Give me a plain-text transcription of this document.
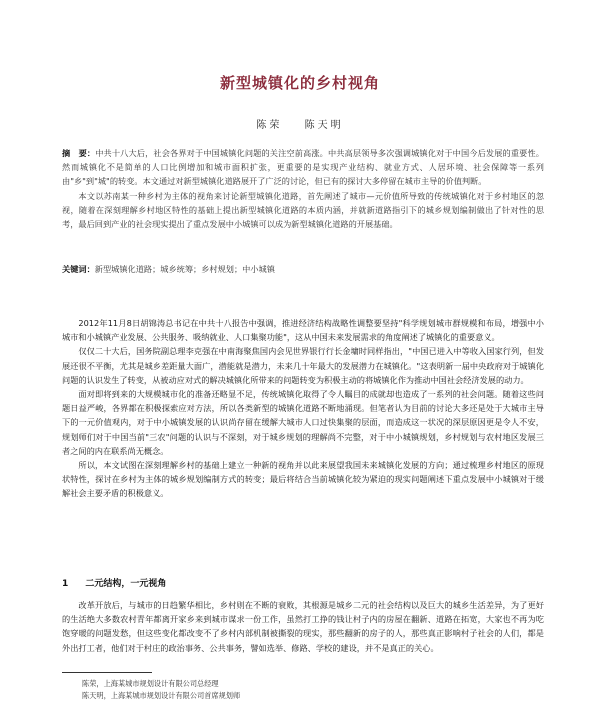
新型城镇化的乡村视角
陈荣 陈天明

摘　要：中共十八大后，社会各界对于中国城镇化问题的关注空前高涨。中共高层领导多次强调城镇化对于中国今后发展的重要性。然而城镇化不是简单的人口比例增加和城市面积扩张，更重要的是实现产业结构、就业方式、人居环境、社会保障等一系列由"乡"到"城"的转变。本文通过对新型城镇化道路展开了广泛的讨论，但已有的探讨大多停留在城市主导的价值判断。

本文以苏南某一种乡村为主体的视角来讨论新型城镇化道路，首先阐述了城市—元价值所导致的传统城镇化对于乡村地区的忽视，随着在深刻理解乡村地区特性的基础上提出新型城镇化道路的本质内涵，并就新道路指引下的城乡规划编制做出了针对性的思考，最后回到产业的社会现实提出了重点发展中小城镇可以成为新型城镇化道路的开展基础。

关键词：新型城镇化道路；城乡统筹；乡村规划；中小城镇

2012年11月8日胡锦涛总书记在中共十八报告中强调，推进经济结构战略性调整要坚持"科学规划城市群规模和布局，增强中小城市和小城镇产业发展、公共服务、吸纳就业、人口集聚功能"，这从中国未来发展需求的角度阐述了城镇化的重要意义。

仅仅二十大后，国务院副总理李克强在中南海聚焦国内会见世界银行行长金墉时同样指出，"中国已进入中等收入国家行列，但发展还很不平衡，尤其是城乡差距量大面广，潜能就是潜力，未来几十年最大的发展潜力在城镇化。"这表明新一届中央政府对于城镇化问题的认识发生了转变，从被动应对式的解决城镇化所带来的问题转变为积极主动的将城镇化作为推动中国社会经济发展的动力。

面对即将到来的大规模城市化的准备还略显不足，传统城镇化取得了令人瞩目的成就却也造成了一系列的社会问题。随着这些问题日益严峻，各界都在积极探索应对方法，所以各类新型的城镇化道路不断地涌现。但笔者认为目前的讨论大多还是处于大城市主导下的一元价值观内，对于中小城镇发展的认识尚存留在缓解大城市人口过快集聚的层面，而造成这一状况的深层原因更是令人不安，规划师们对于中国当前"三农"问题的认识与不深刻，对于城乡规划的理解尚不完整，对于中小城镇规划，乡村规划与农村地区发展三者之间的内在联系尚无概念。

所以，本文试图在深刻理解乡村的基础上建立一种新的视角并以此来展望我国未来城镇化发展的方向；通过梳理乡村地区的原现状特性，探讨在乡村为主体的城乡规划编制方式的转变；最后将结合当前城镇化较为紧迫的现实问题阐述下重点发展中小城镇对于缓解社会主要矛盾的积极意义。

1 二元结构，一元视角

改革开放后，与城市的日趋繁华相比，乡村则在不断的衰败，其根源是城乡二元的社会结构以及巨大的城乡生活差异，为了更好的生活绝大多数农村青年都离开家乡来到城市谋求一份工作，虽然打工挣的钱让村子内的房屋在翻新、道路在拓宽，大家也不再为吃饱穿暖的问题发愁，但这些变化都改变不了乡村内部机制被撕裂的现实，那些翻新的房子的人，那些真正影响村子社会的人们，都是外出打工者，他们对于村庄的政治事务、公共事务，譬如选举、修路、学校的建设，并不是真正的关心。

陈荣，上海某城市规划设计有限公司总经理
陈天明，上海某城市规划设计有限公司首席规划师
